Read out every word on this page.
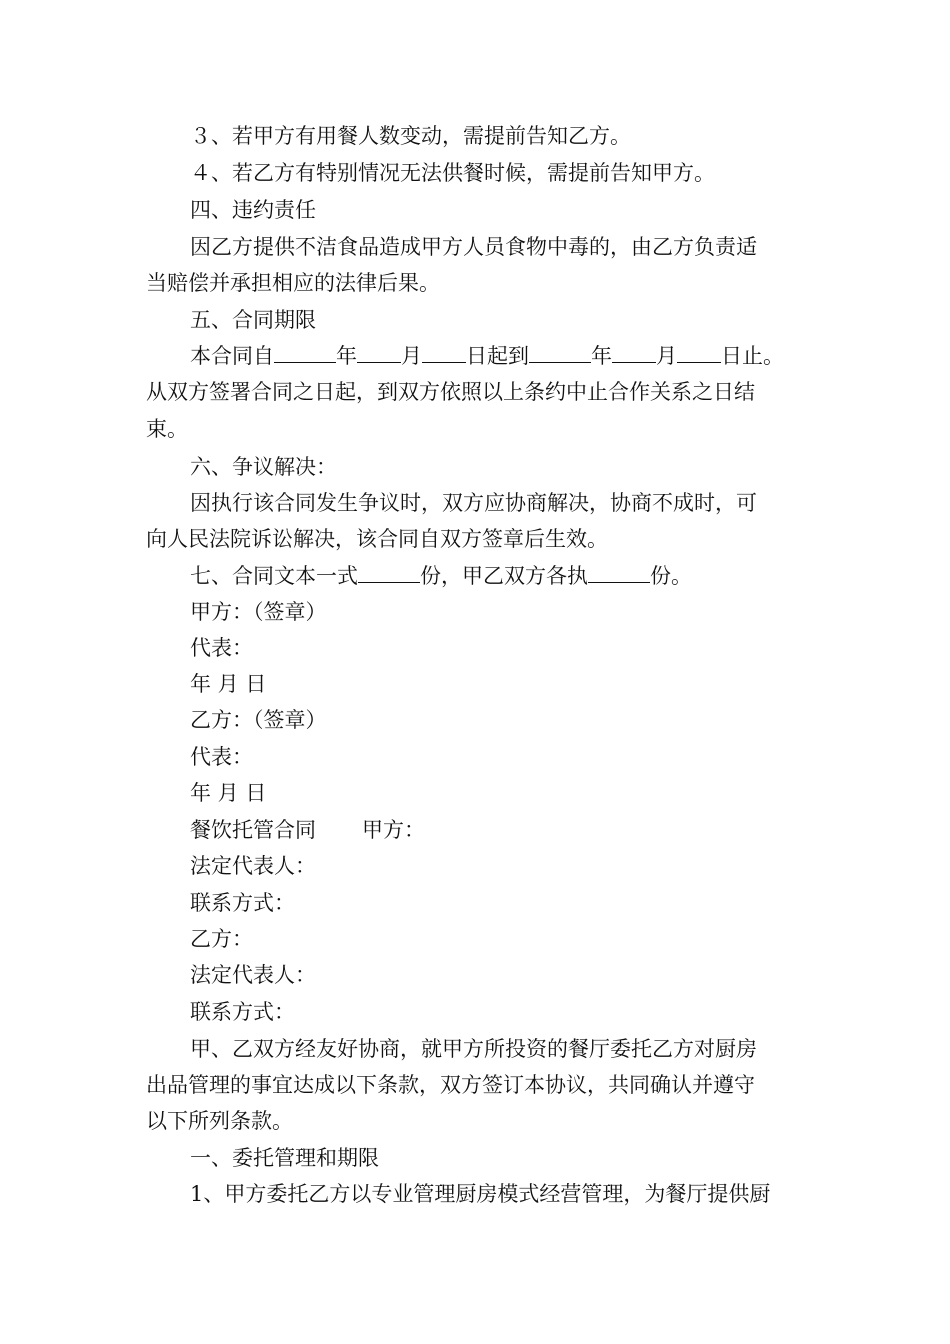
３、若甲方有用餐人数变动，需提前告知乙方。
４、若乙方有特别情况无法供餐时候，需提前告知甲方。
四、违约责任
因乙方提供不洁食品造成甲方人员食物中毒的，由乙方负责适
当赔偿并承担相应的法律后果。
五、合同期限
本合同自	年 月 日起到	年 月 日止。
从双方签署合同之日起，到双方依照以上条约中止合作关系之日结
束。
六、争议解决：
因执行该合同发生争议时，双方应协商解决，协商不成时，可
向人民法院诉讼解决，该合同自双方签章后生效。
七、合同文本一式	份，甲乙双方各执	份。
甲方：（签章）
代表：
年 月 日
乙方：（签章）
代表：
年 月 日
餐饮托管合同 甲方：
法定代表人：
联系方式：
乙方：
法定代表人：
联系方式：
甲、乙双方经友好协商，就甲方所投资的餐厅委托乙方对厨房
出品管理的事宜达成以下条款，双方签订本协议，共同确认并遵守
以下所列条款。
一、委托管理和期限
1、甲方委托乙方以专业管理厨房模式经营管理，为餐厅提供厨
